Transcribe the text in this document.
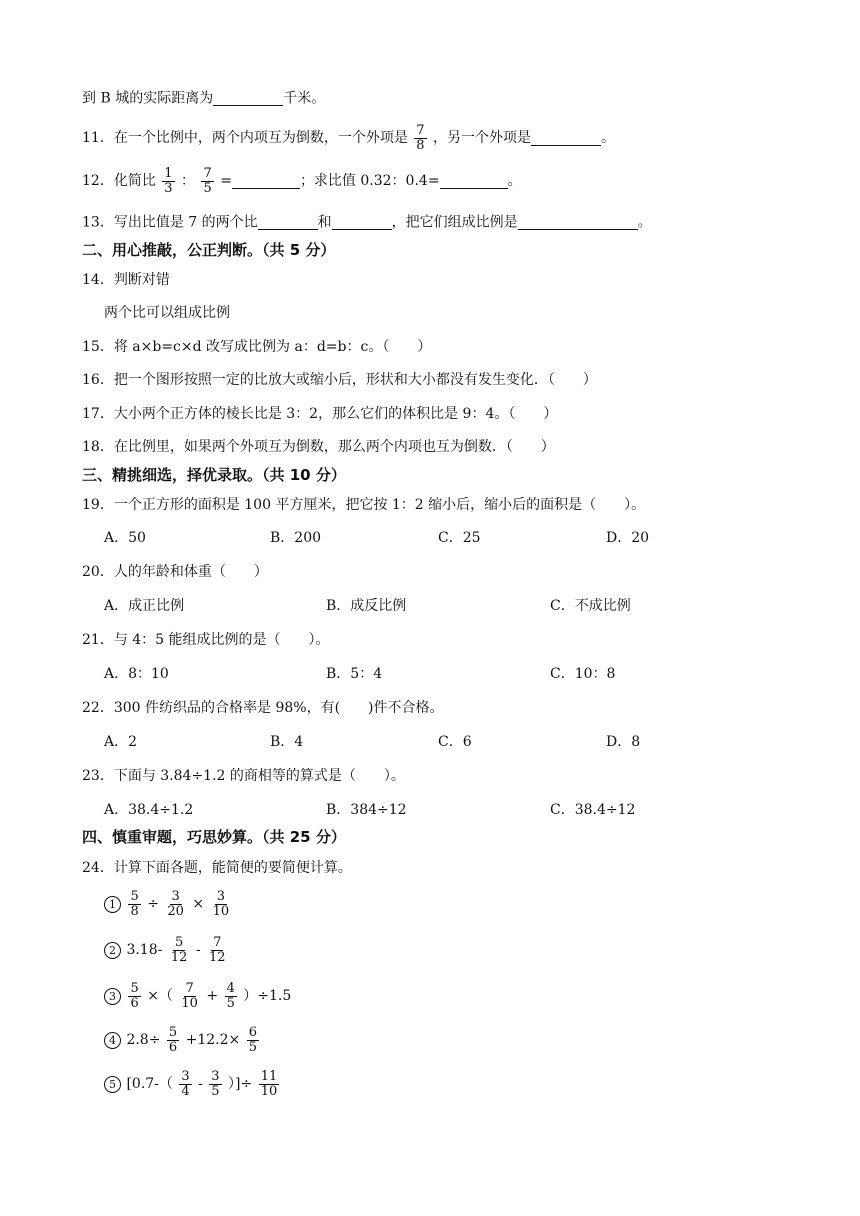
到 B 城的实际距离为	千米。
11．在一个比例中，两个内项互为倒数，一个外项是 $\frac{7}{8}$ ，另一个外项是	。
12．化简比 $\frac{1}{3}$ ： $\frac{7}{5}$ =	；求比值 0.32：0.4=	。
13．写出比值是 7 的两个比	和	，把它们组成比例是	。
二、用心推敲，公正判断。（共 5 分）
14．判断对错
两个比可以组成比例
15．将 a×b=c×d 改写成比例为 a：d=b：c。（　　）
16．把一个图形按照一定的比放大或缩小后，形状和大小都没有发生变化．（　　）
17．大小两个正方体的棱长比是 3：2，那么它们的体积比是 9：4。（　　）
18．在比例里，如果两个外项互为倒数，那么两个内项也互为倒数．（　　）
三、精挑细选，择优录取。（共 10 分）
19．一个正方形的面积是 100 平方厘米，把它按 1：2 缩小后，缩小后的面积是（　　）。
A．50	B．200	C．25	D．20
20．人的年龄和体重（　　）
A．成正比例	B．成反比例	C．不成比例
21．与 4：5 能组成比例的是（　　）。
A．8：10	B．5：4	C．10：8
22．300 件纺织品的合格率是 98%，有(　　)件不合格。
A．2	B．4	C．6	D．8
23．下面与 3.84÷1.2 的商相等的算式是（　　）。
A．38.4÷1.2	B．384÷12	C．38.4÷12
四、慎重审题，巧思妙算。（共 25 分）
24．计算下面各题，能简便的要简便计算。
$1 \frac{5}{8} \div \frac{3}{20} \times \frac{3}{10}$
2 $3.18- \frac{5}{12} - \frac{7}{12}$
$3 \frac{5}{6}$ ×（ $\frac{7}{10} + \frac{4}{5} )\div 1.5$
4 $2.8\div \frac{5}{6} +12.2\times \frac{6}{5}$
5 [$0.7-( \frac{3}{4} - \frac{3}{5}$ ）]÷ $\frac{11}{10}$
